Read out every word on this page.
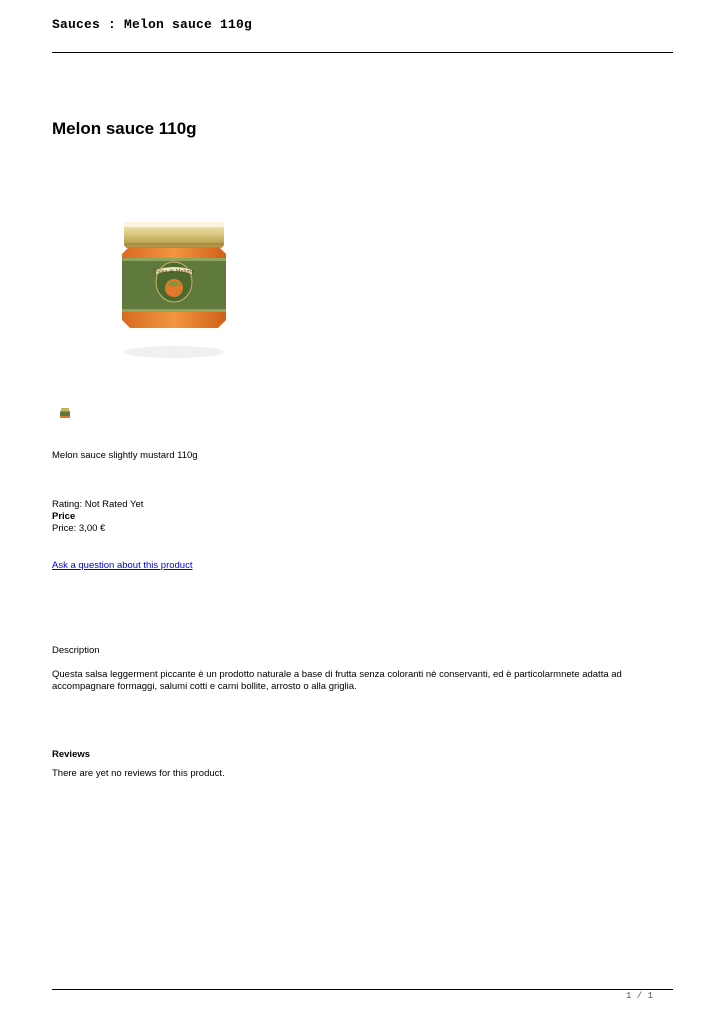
Sauces : Melon sauce 110g
Melon sauce 110g
Salsa di Melone
Melon sauce slightly mustard 110g
Rating: Not Rated Yet
Price
Price: 3,00 €
Ask a question about this product
Description
Questa salsa leggerment piccante è un prodotto naturale a base di frutta senza coloranti nè conservanti, ed è particolarmnete adatta ad accompagnare formaggi, salumi cotti e carni bollite, arrosto o alla griglia.
Reviews
There are yet no reviews for this product.
1 / 1
